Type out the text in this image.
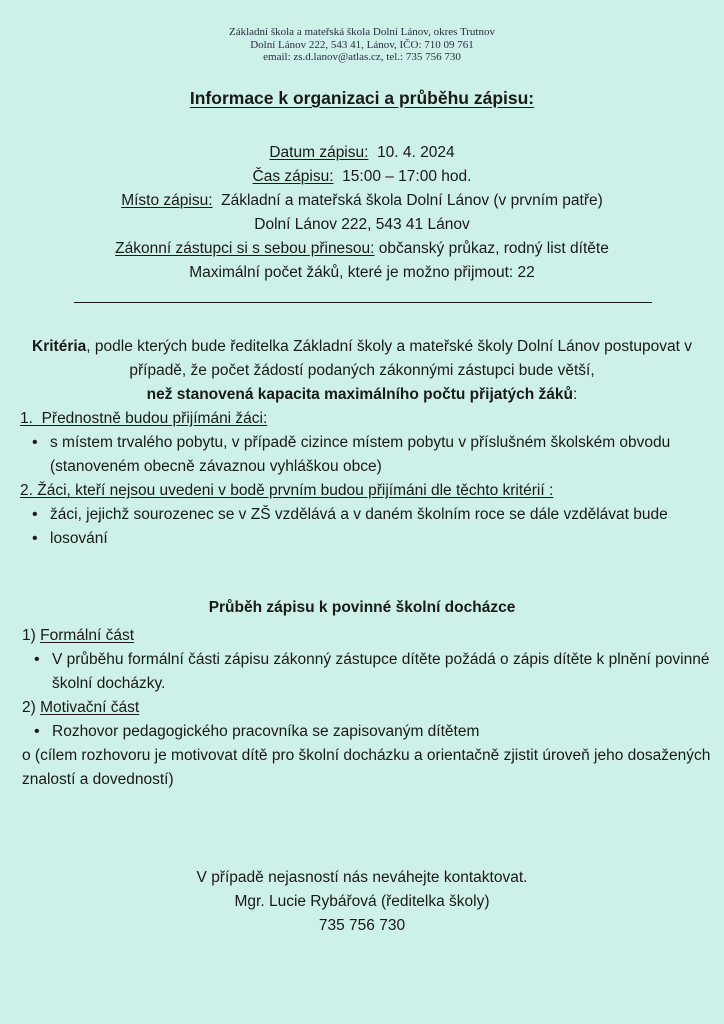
Základní škola a mateřská škola Dolní Lánov, okres Trutnov
Dolní Lánov 222, 543 41, Lánov, IČO: 710 09 761
email: zs.d.lanov@atlas.cz, tel.: 735 756 730
Informace k organizaci a průběhu zápisu:
Datum zápisu: 10. 4. 2024
Čas zápisu: 15:00 – 17:00 hod.
Místo zápisu: Základní a mateřská škola Dolní Lánov (v prvním patře)
Dolní Lánov 222, 543 41 Lánov
Zákonní zástupci si s sebou přinesou: občanský průkaz, rodný list dítěte
Maximální počet žáků, které je možno přijmout: 22
Kritéria, podle kterých bude ředitelka Základní školy a mateřské školy Dolní Lánov postupovat v případě, že počet žádostí podaných zákonnými zástupci bude větší,
než stanovená kapacita maximálního počtu přijatých žáků:
1. Přednostně budou přijímáni žáci:
• s místem trvalého pobytu, v případě cizince místem pobytu v příslušném školském obvodu (stanoveném obecně závaznou vyhláškou obce)
2. Žáci, kteří nejsou uvedeni v bodě prvním budou přijímáni dle těchto kritérií :
• žáci, jejichž sourozenec se v ZŠ vzdělává a v daném školním roce se dále vzdělávat bude
• losování
Průběh zápisu k povinné školní docházce
1) Formální část
• V průběhu formální části zápisu zákonný zástupce dítěte požádá o zápis dítěte k plnění povinné školní docházky.
2) Motivační část
• Rozhovor pedagogického pracovníka se zapisovaným dítětem
o (cílem rozhovoru je motivovat dítě pro školní docházku a orientačně zjistit úroveň jeho dosažených znalostí a dovedností)
V případě nejasností nás neváhejte kontaktovat.
Mgr. Lucie Rybářová (ředitelka školy)
735 756 730
